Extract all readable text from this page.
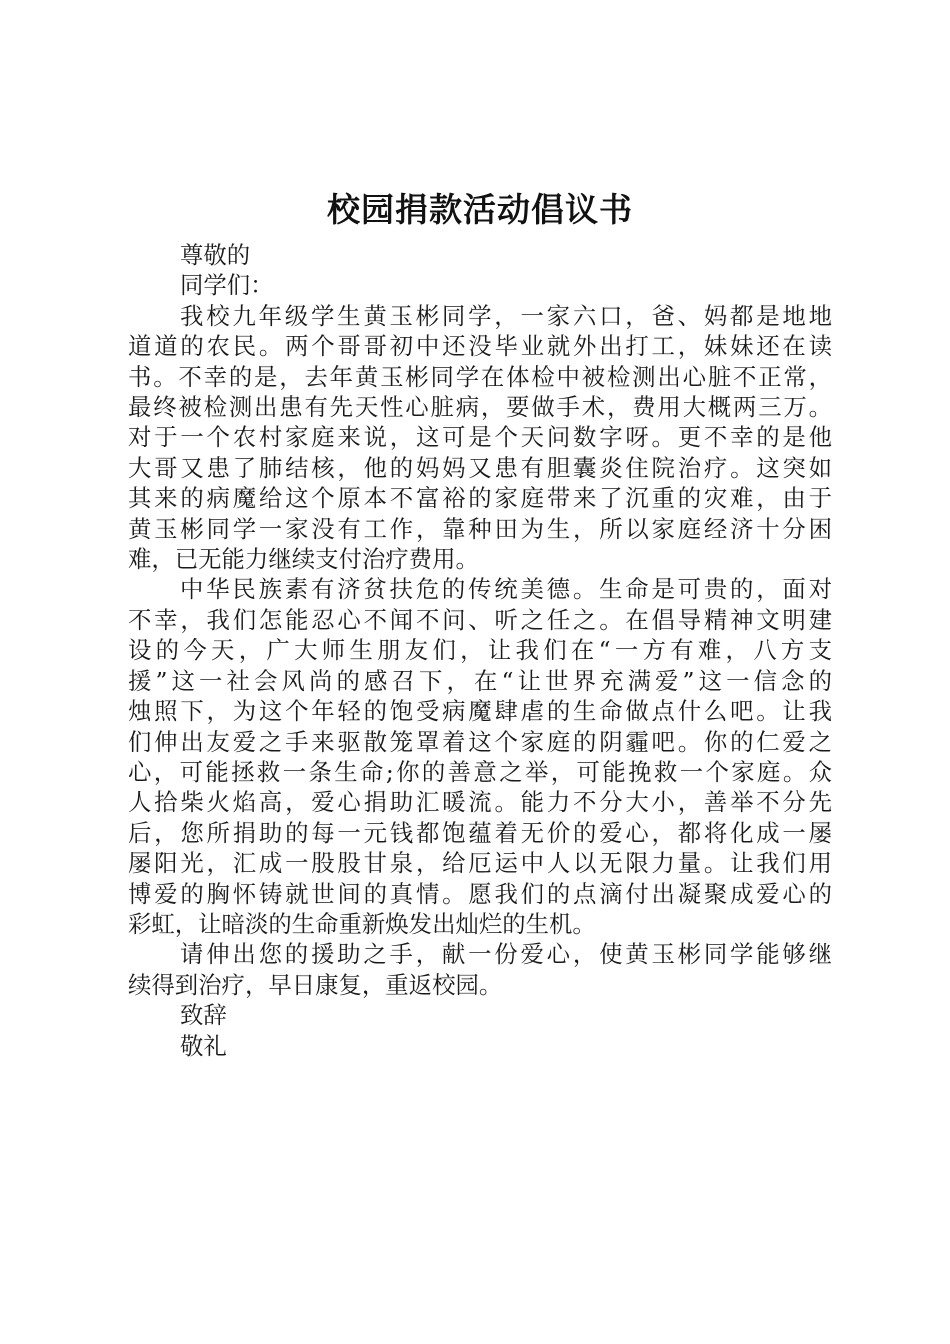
校园捐款活动倡议书

尊敬的

同学们：

我校九年级学生黄玉彬同学，一家六口，爸、妈都是地地
道道的农民。两个哥哥初中还没毕业就外出打工，妹妹还在读
书。不幸的是，去年黄玉彬同学在体检中被检测出心脏不正常，
最终被检测出患有先天性心脏病，要做手术，费用大概两三万。
对于一个农村家庭来说，这可是个天问数字呀。更不幸的是他
大哥又患了肺结核，他的妈妈又患有胆囊炎住院治疗。这突如
其来的病魔给这个原本不富裕的家庭带来了沉重的灾难，由于
黄玉彬同学一家没有工作，靠种田为生，所以家庭经济十分困
难，已无能力继续支付治疗费用。
中华民族素有济贫扶危的传统美德。生命是可贵的，面对
不幸，我们怎能忍心不闻不问、听之任之。在倡导精神文明建
设的今天，广大师生朋友们，让我们在“一方有难，八方支
援”这一社会风尚的感召下，在“让世界充满爱”这一信念的
烛照下，为这个年轻的饱受病魔肆虐的生命做点什么吧。让我
们伸出友爱之手来驱散笼罩着这个家庭的阴霾吧。你的仁爱之
心，可能拯救一条生命;你的善意之举，可能挽救一个家庭。众
人拾柴火焰高，爱心捐助汇暖流。能力不分大小，善举不分先
后，您所捐助的每一元钱都饱蕴着无价的爱心，都将化成一屡
屡阳光，汇成一股股甘泉，给厄运中人以无限力量。让我们用
博爱的胸怀铸就世间的真情。愿我们的点滴付出凝聚成爱心的
彩虹，让暗淡的生命重新焕发出灿烂的生机。
请伸出您的援助之手，献一份爱心，使黄玉彬同学能够继
续得到治疗，早日康复，重返校园。

致辞

敬礼
